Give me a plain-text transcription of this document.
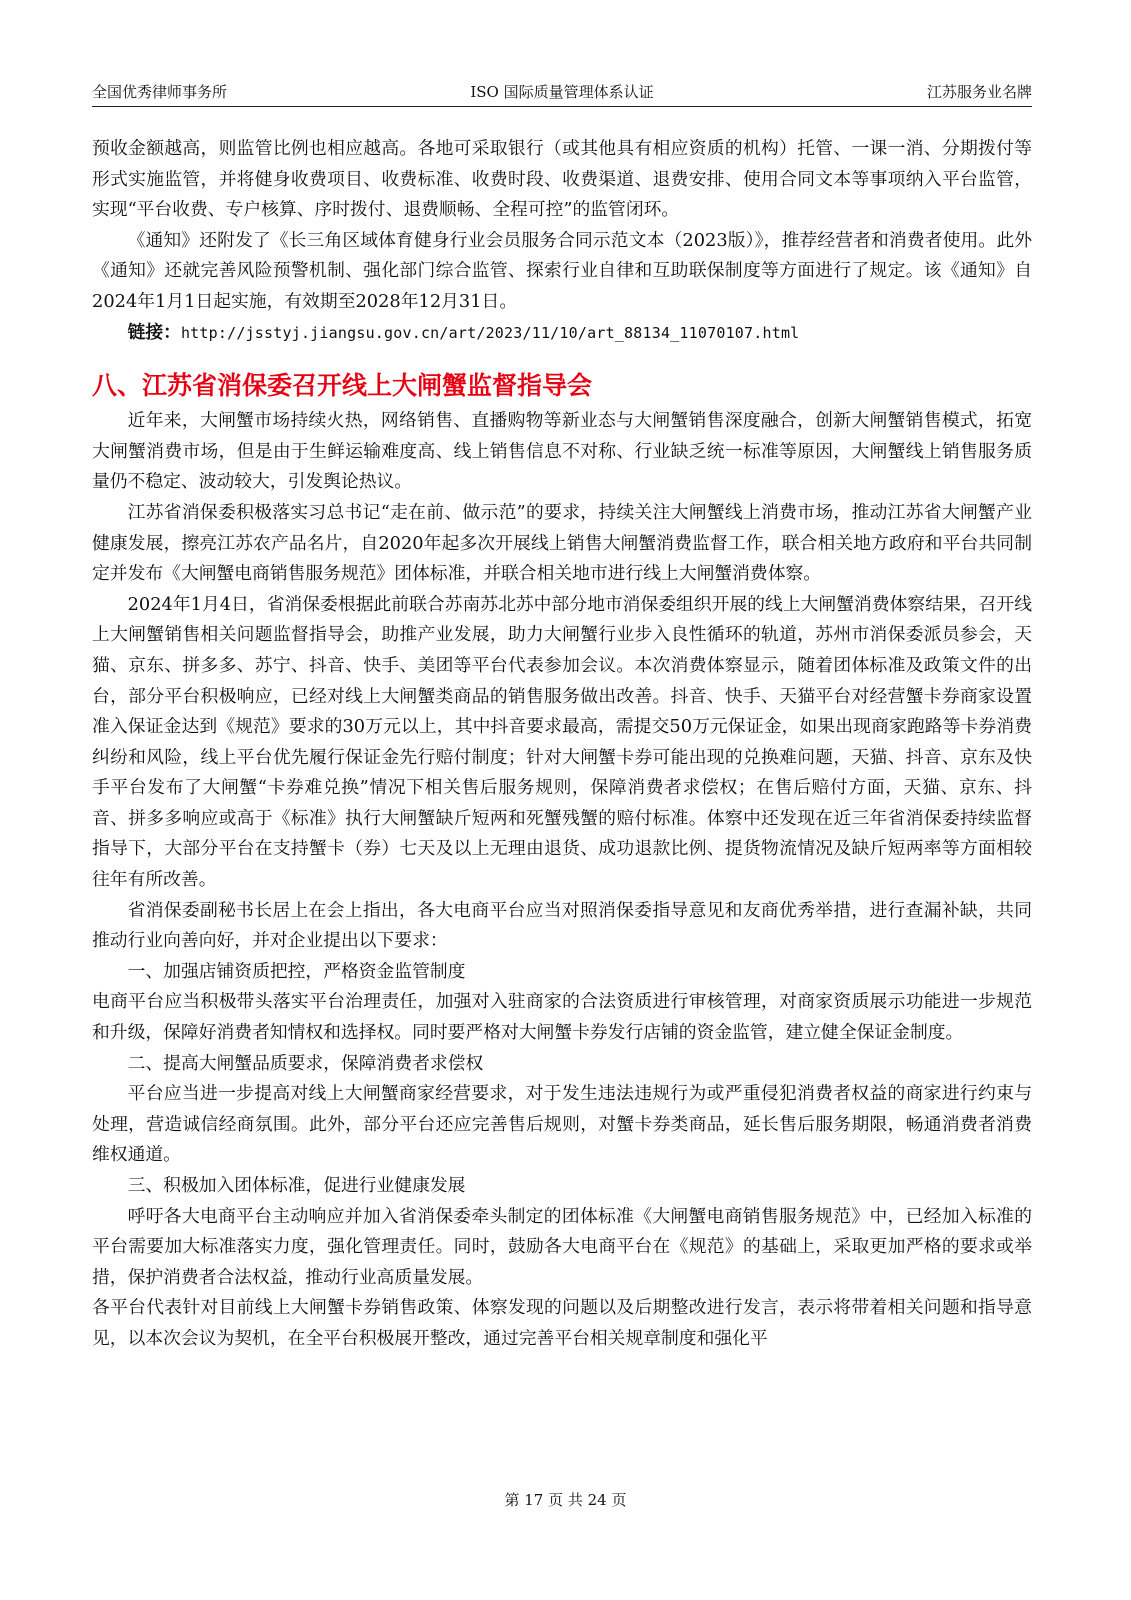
全国优秀律师事务所	ISO 国际质量管理体系认证	江苏服务业名牌

预收金额越高，则监管比例也相应越高。各地可采取银行（或其他具有相应资质的机构）托管、一课一消、分期拨付等形式实施监管，并将健身收费项目、收费标准、收费时段、收费渠道、退费安排、使用合同文本等事项纳入平台监管，实现“平台收费、专户核算、序时拨付、退费顺畅、全程可控”的监管闭环。

《通知》还附发了《长三角区域体育健身行业会员服务合同示范文本（2023版）》，推荐经营者和消费者使用。此外《通知》还就完善风险预警机制、强化部门综合监管、探索行业自律和互助联保制度等方面进行了规定。该《通知》自2024年1月1日起实施，有效期至2028年12月31日。

链接：http://jsstyj.jiangsu.gov.cn/art/2023/11/10/art_88134_11070107.html

八、江苏省消保委召开线上大闸蟹监督指导会

近年来，大闸蟹市场持续火热，网络销售、直播购物等新业态与大闸蟹销售深度融合，创新大闸蟹销售模式，拓宽大闸蟹消费市场，但是由于生鲜运输难度高、线上销售信息不对称、行业缺乏统一标准等原因，大闸蟹线上销售服务质量仍不稳定、波动较大，引发舆论热议。

江苏省消保委积极落实习总书记“走在前、做示范”的要求，持续关注大闸蟹线上消费市场，推动江苏省大闸蟹产业健康发展，擦亮江苏农产品名片，自2020年起多次开展线上销售大闸蟹消费监督工作，联合相关地方政府和平台共同制定并发布《大闸蟹电商销售服务规范》团体标准，并联合相关地市进行线上大闸蟹消费体察。

2024年1月4日，省消保委根据此前联合苏南苏北苏中部分地市消保委组织开展的线上大闸蟹消费体察结果，召开线上大闸蟹销售相关问题监督指导会，助推产业发展，助力大闸蟹行业步入良性循环的轨道，苏州市消保委派员参会，天猫、京东、拼多多、苏宁、抖音、快手、美团等平台代表参加会议。本次消费体察显示，随着团体标准及政策文件的出台，部分平台积极响应，已经对线上大闸蟹类商品的销售服务做出改善。抖音、快手、天猫平台对经营蟹卡券商家设置准入保证金达到《规范》要求的30万元以上，其中抖音要求最高，需提交50万元保证金，如果出现商家跑路等卡券消费纠纷和风险，线上平台优先履行保证金先行赔付制度；针对大闸蟹卡券可能出现的兑换难问题，天猫、抖音、京东及快手平台发布了大闸蟹“卡券难兑换”情况下相关售后服务规则，保障消费者求偿权；在售后赔付方面，天猫、京东、抖音、拼多多响应或高于《标准》执行大闸蟹缺斤短两和死蟹残蟹的赔付标准。体察中还发现在近三年省消保委持续监督指导下，大部分平台在支持蟹卡（券）七天及以上无理由退货、成功退款比例、提货物流情况及缺斤短两率等方面相较往年有所改善。

省消保委副秘书长居上在会上指出，各大电商平台应当对照消保委指导意见和友商优秀举措，进行查漏补缺，共同推动行业向善向好，并对企业提出以下要求：

一、加强店铺资质把控，严格资金监管制度

电商平台应当积极带头落实平台治理责任，加强对入驻商家的合法资质进行审核管理，对商家资质展示功能进一步规范和升级，保障好消费者知情权和选择权。同时要严格对大闸蟹卡券发行店铺的资金监管，建立健全保证金制度。

二、提高大闸蟹品质要求，保障消费者求偿权

平台应当进一步提高对线上大闸蟹商家经营要求，对于发生违法违规行为或严重侵犯消费者权益的商家进行约束与处理，营造诚信经商氛围。此外，部分平台还应完善售后规则，对蟹卡券类商品，延长售后服务期限，畅通消费者消费维权通道。

三、积极加入团体标准，促进行业健康发展

呼吁各大电商平台主动响应并加入省消保委牵头制定的团体标准《大闸蟹电商销售服务规范》中，已经加入标准的平台需要加大标准落实力度，强化管理责任。同时，鼓励各大电商平台在《规范》的基础上，采取更加严格的要求或举措，保护消费者合法权益，推动行业高质量发展。

各平台代表针对目前线上大闸蟹卡券销售政策、体察发现的问题以及后期整改进行发言，表示将带着相关问题和指导意见，以本次会议为契机，在全平台积极展开整改，通过完善平台相关规章制度和强化平

第 17 页 共 24 页
